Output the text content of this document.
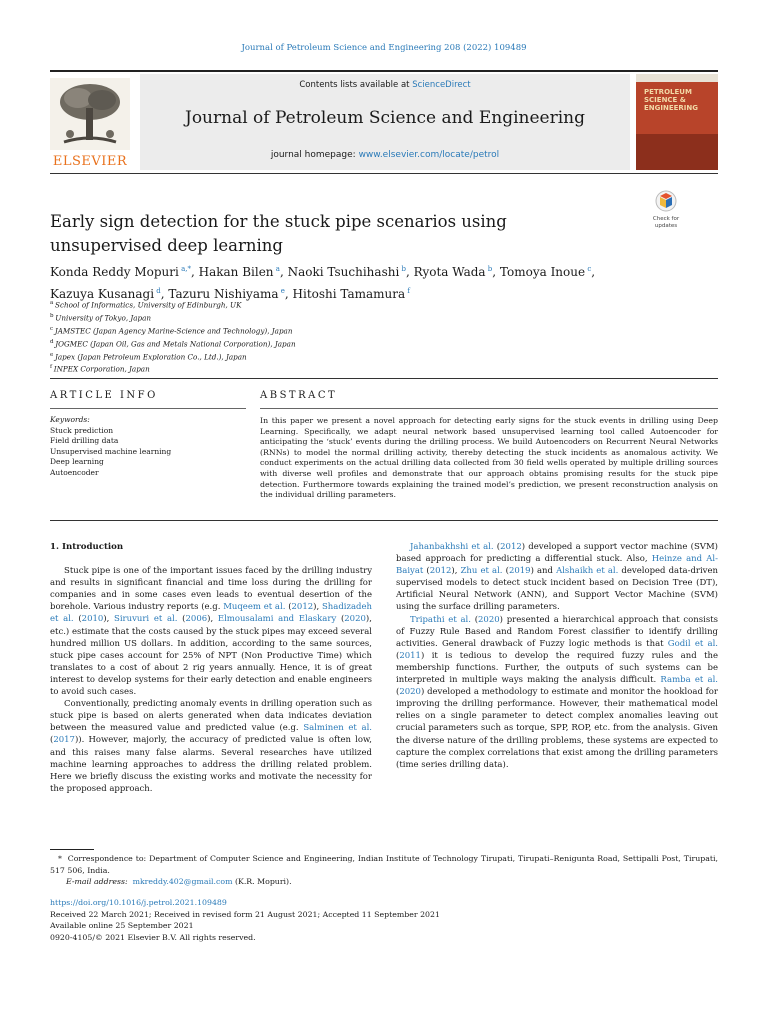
Journal of Petroleum Science and Engineering 208 (2022) 109489
Contents lists available at ScienceDirect
Journal of Petroleum Science and Engineering
journal homepage: www.elsevier.com/locate/petrol
ELSEVIER
PETROLEUM
SCIENCE &
ENGINEERING
Early sign detection for the stuck pipe scenarios using unsupervised deep learning
Check for
updates
Konda Reddy Mopuri $^{a,*}$, Hakan Bilen $^a$, Naoki Tsuchihashi $^b$, Ryota Wada $^b$, Tomoya Inoue $^c$,
Kazuya Kusanagi $^d$, Tazuru Nishiyama $^e$, Hitoshi Tamamura $^f$
$^a$ School of Informatics, University of Edinburgh, UK
$^b$ University of Tokyo, Japan
$^c$ JAMSTEC (Japan Agency Marine-Science and Technology), Japan
$^d$ JOGMEC (Japan Oil, Gas and Metals National Corporation), Japan
$^e$ Japex (Japan Petroleum Exploration Co., Ltd.), Japan
$^f$ INPEX Corporation, Japan
ARTICLE INFO	ABSTRACT
Keywords:
Stuck prediction
Field drilling data
Unsupervised machine learning
Deep learning
Autoencoder
In this paper we present a novel approach for detecting early signs for the stuck events in drilling using Deep Learning. Specifically, we adapt neural network based unsupervised learning tool called Autoencoder for anticipating the ‘stuck’ events during the drilling process. We build Autoencoders on Recurrent Neural Networks (RNNs) to model the normal drilling activity, thereby detecting the stuck incidents as anomalous activity. We conduct experiments on the actual drilling data collected from 30 field wells operated by multiple drilling sources with diverse well profiles and demonstrate that our approach obtains promising results for the stuck pipe detection. Furthermore towards explaining the trained model’s prediction, we present reconstruction analysis on the individual drilling parameters.
1. Introduction

Stuck pipe is one of the important issues faced by the drilling industry and results in significant financial and time loss during the drilling for companies and in some cases even leads to eventual desertion of the borehole. Various industry reports (e.g. Muqeem et al. (2012), Shadizadeh et al. (2010), Siruvuri et al. (2006), Elmousalami and Elaskary (2020), etc.) estimate that the costs caused by the stuck pipes may exceed several hundred million US dollars. In addition, according to the same sources, stuck pipe cases account for 25% of NPT (Non Productive Time) which translates to a cost of about 2 rig years annually. Hence, it is of great interest to develop systems for their early detection and enable engineers to avoid such cases.

Conventionally, predicting anomaly events in drilling operation such as stuck pipe is based on alerts generated when data indicates deviation between the measured value and predicted value (e.g. Salminen et al. (2017)). However, majorly, the accuracy of predicted value is often low, and this raises many false alarms. Several researches have utilized machine learning approaches to address the drilling related problem. Here we briefly discuss the existing works and motivate the necessity for the proposed approach.

Jahanbakhshi et al. (2012) developed a support vector machine (SVM) based approach for predicting a differential stuck. Also, Heinze and Al-Baiyat (2012), Zhu et al. (2019) and Alshaikh et al. developed data-driven supervised models to detect stuck incident based on Decision Tree (DT), Artificial Neural Network (ANN), and Support Vector Machine (SVM) using the surface drilling parameters.

Tripathi et al. (2020) presented a hierarchical approach that consists of Fuzzy Rule Based and Random Forest classifier to identify drilling activities. General drawback of Fuzzy logic methods is that Godil et al. (2011) it is tedious to develop the required fuzzy rules and the membership functions. Further, the outputs of such systems can be interpreted in multiple ways making the analysis difficult. Ramba et al. (2020) developed a methodology to estimate and monitor the hookload for improving the drilling performance. However, their mathematical model relies on a single parameter to detect complex anomalies leaving out crucial parameters such as torque, SPP, ROP, etc. from the analysis. Given the diverse nature of the drilling problems, these systems are expected to capture the complex correlations that exist among the drilling parameters (time series drilling data).

* Correspondence to: Department of Computer Science and Engineering, Indian Institute of Technology Tirupati, Tirupati–Renigunta Road, Settipalli Post, Tirupati, 517 506, India.
E-mail address: mkreddy.402@gmail.com (K.R. Mopuri).
https://doi.org/10.1016/j.petrol.2021.109489
Received 22 March 2021; Received in revised form 21 August 2021; Accepted 11 September 2021
Available online 25 September 2021
0920-4105/© 2021 Elsevier B.V. All rights reserved.
